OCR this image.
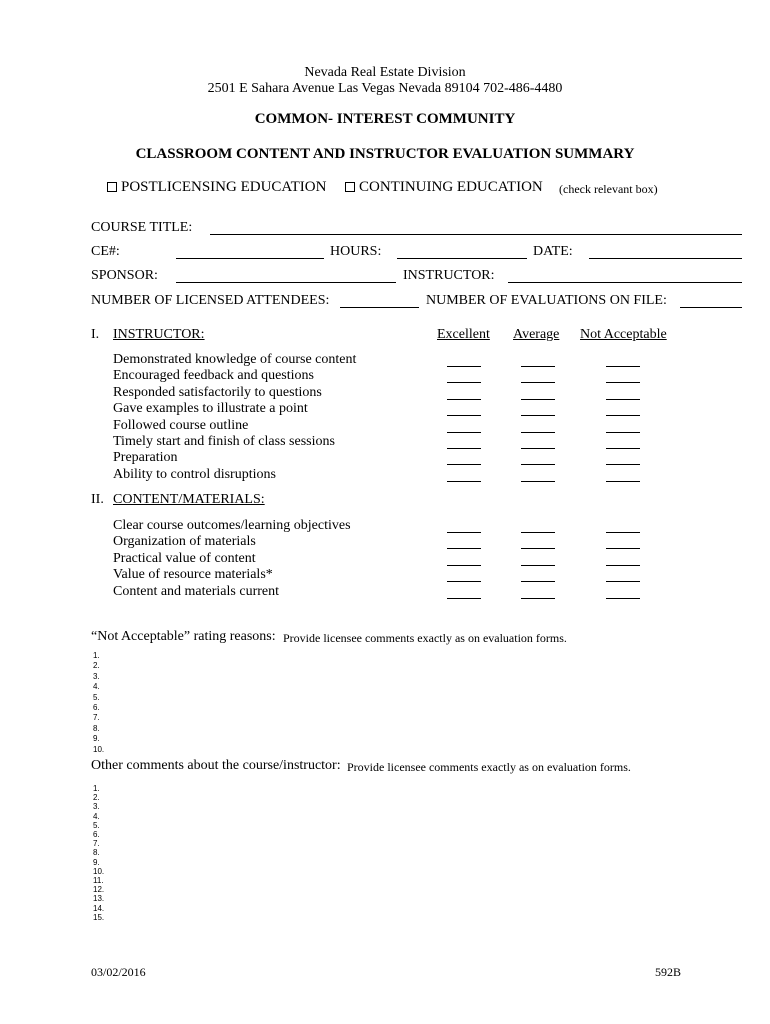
Nevada Real Estate Division
2501 E Sahara Avenue Las Vegas Nevada 89104 702-486-4480
COMMON- INTEREST COMMUNITY
CLASSROOM CONTENT AND INSTRUCTOR EVALUATION SUMMARY
POSTLICENSING EDUCATION	CONTINUING EDUCATION (check relevant box)
COURSE TITLE:
CE#:	HOURS:	DATE:
SPONSOR:	INSTRUCTOR:
NUMBER OF LICENSED ATTENDEES:	NUMBER OF EVALUATIONS ON FILE:
I. INSTRUCTOR:	Excellent Average Not Acceptable
Demonstrated knowledge of course content
Encouraged feedback and questions
Responded satisfactorily to questions
Gave examples to illustrate a point
Followed course outline
Timely start and finish of class sessions
Preparation
Ability to control disruptions
II. CONTENT/MATERIALS:
Clear course outcomes/learning objectives
Organization of materials
Practical value of content
Value of resource materials*
Content and materials current
“Not Acceptable” rating reasons: Provide licensee comments exactly as on evaluation forms.
1.
2.
3.
4.
5.
6.
7.
8.
9.
10.
Other comments about the course/instructor: Provide licensee comments exactly as on evaluation forms.
1.
2.
3.
4.
5.
6.
7.
8.
9.
10.
11.
12.
13.
14.
15.
03/02/2016	592B
